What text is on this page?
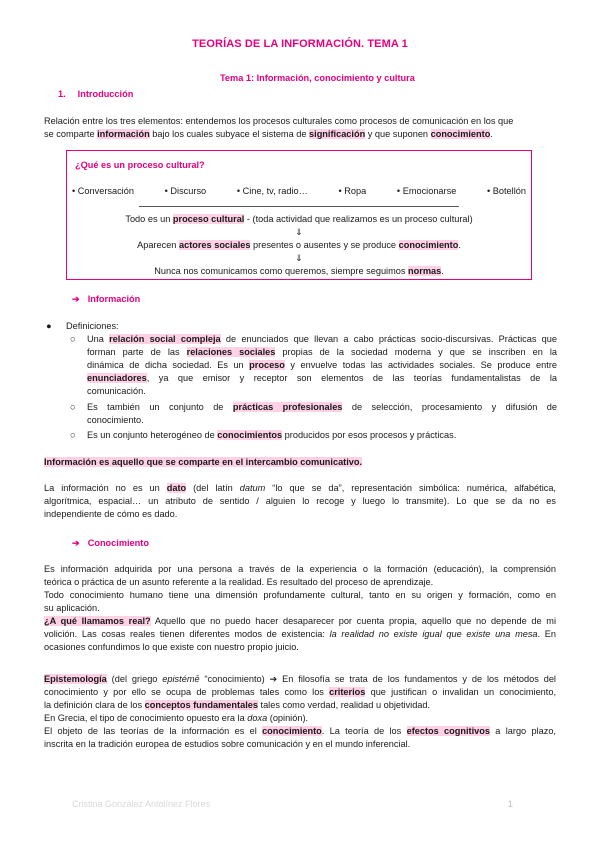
TEORÍAS DE LA INFORMACIÓN. TEMA 1
Tema 1: Información, conocimiento y cultura
1. Introducción
Relación entre los tres elementos: entendemos los procesos culturales como procesos de comunicación en los que
se comparte información bajo los cuales subyace el sistema de significación y que suponen conocimiento.
¿Qué es un proceso cultural?
• Conversación	• Discurso	• Cine, tv, radio…	• Ropa	• Emocionarse	• Botellón
Todo es un proceso cultural - (toda actividad que realizamos es un proceso cultural)
⇓
Aparecen actores sociales presentes o ausentes y se produce conocimiento.
⇓
Nunca nos comunicamos como queremos, siempre seguimos normas.
➔ Información
● Definiciones:
○ Una relación social compleja de enunciados que llevan a cabo prácticas socio-discursivas. Prácticas que
forman parte de las relaciones sociales propias de la sociedad moderna y que se inscriben en la
dinámica de dicha sociedad. Es un proceso y envuelve todas las actividades sociales. Se produce entre
enunciadores, ya que emisor y receptor son elementos de las teorías fundamentalistas de la
comunicación.
○ Es también un conjunto de prácticas profesionales de selección, procesamiento y difusión de
conocimiento.
○ Es un conjunto heterogéneo de conocimientos producidos por esos procesos y prácticas.
Información es aquello que se comparte en el intercambio comunicativo.
La información no es un dato (del latín datum “lo que se da”, representación simbólica: numérica, alfabética,
algorítmica, espacial… un atributo de sentido / alguien lo recoge y luego lo transmite). Lo que se da no es
independiente de cómo es dado.
➔ Conocimiento
Es información adquirida por una persona a través de la experiencia o la formación (educación), la comprensión
teórica o práctica de un asunto referente a la realidad. Es resultado del proceso de aprendizaje.
Todo conocimiento humano tiene una dimensión profundamente cultural, tanto en su origen y formación, como en
su aplicación.
¿A qué llamamos real? Aquello que no puedo hacer desaparecer por cuenta propia, aquello que no depende de mi
volición. Las cosas reales tienen diferentes modos de existencia: la realidad no existe igual que existe una mesa. En
ocasiones confundimos lo que existe con nuestro propio juicio.
Epistemología (del griego epistémē “conocimiento) ➔ En filosofía se trata de los fundamentos y de los métodos del
conocimiento y por ello se ocupa de problemas tales como los criterios que justifican o invalidan un conocimiento,
la definición clara de los conceptos fundamentales tales como verdad, realidad u objetividad.
En Grecia, el tipo de conocimiento opuesto era la doxa (opinión).
El objeto de las teorías de la información es el conocimiento. La teoría de los efectos cognitivos a largo plazo,
inscrita en la tradición europea de estudios sobre comunicación y en el mundo inferencial.
Cristina González Antolínez Flores	1
